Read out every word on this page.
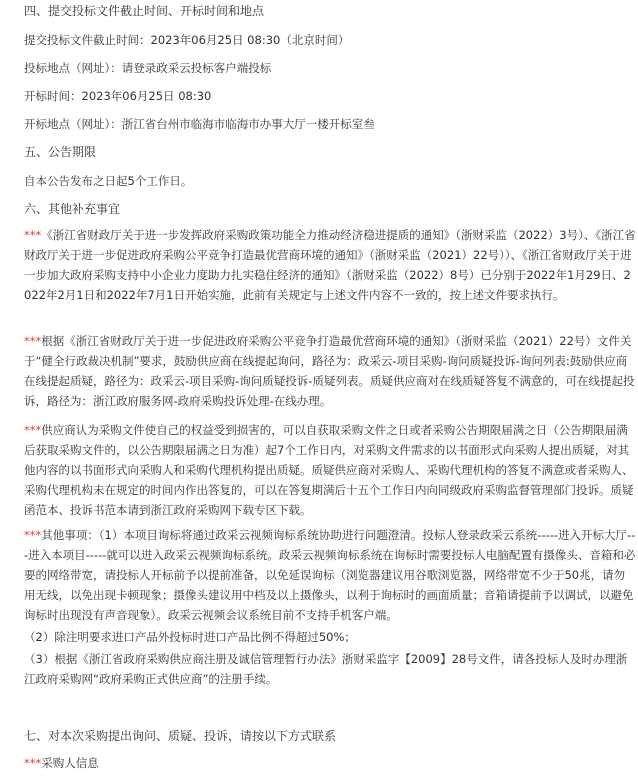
四、提交投标文件截止时间、开标时间和地点
提交投标文件截止时间：2023年06月25日 08:30（北京时间）
投标地点（网址）：请登录政采云投标客户端投标
开标时间：2023年06月25日 08:30
开标地点（网址）：浙江省台州市临海市临海市办事大厅一楼开标室叁
五、公告期限
自本公告发布之日起5个工作日。
六、其他补充事宜
***《浙江省财政厅关于进一步发挥政府采购政策功能全力推动经济稳进提质的通知》（浙财采监（2022）3号）、《浙江省财政厅关于进一步促进政府采购公平竞争打造最优营商环境的通知》（浙财采监（2021）22号））、《浙江省财政厅关于进一步加大政府采购支持中小企业力度助力扎实稳住经济的通知》（浙财采监（2022）8号）已分别于2022年1月29日、2022年2月1日和2022年7月1日开始实施，此前有关规定与上述文件内容不一致的，按上述文件要求执行。
***根据《浙江省财政厅关于进一步促进政府采购公平竞争打造最优营商环境的通知》（浙财采监（2021）22号）文件关于“健全行政裁决机制”要求，鼓励供应商在线提起询问，路径为：政采云-项目采购-询问质疑投诉-询问列表:鼓励供应商在线提起质疑，路径为：政采云-项目采购-询问质疑投诉-质疑列表。质疑供应商对在线质疑答复不满意的，可在线提起投诉，路径为：浙江政府服务网-政府采购投诉处理-在线办理。
***供应商认为采购文件使自己的权益受到损害的，可以自获取采购文件之日或者采购公告期限届满之日（公告期限届满后获取采购文件的，以公告期限届满之日为准）起7个工作日内，对采购文件需求的以书面形式向采购人提出质疑，对其他内容的以书面形式向采购人和采购代理机构提出质疑。质疑供应商对采购人、采购代理机构的答复不满意或者采购人、采购代理机构未在规定的时间内作出答复的，可以在答复期满后十五个工作日内向同级政府采购监督管理部门投诉。质疑函范本、投诉书范本请到浙江政府采购网下载专区下载。
***其他事项：（1）本项目询标将通过政采云视频询标系统协助进行问题澄清。投标人登录政采云系统-----进入开标大厅---进入本项目-----就可以进入政采云视频询标系统。政采云视频询标系统在询标时需要投标人电脑配置有摄像头、音箱和必要的网络带宽，请投标人开标前予以提前准备，以免延误询标（浏览器建议用谷歌浏览器，网络带宽不少于50兆，请勿用无线，以免出现卡顿现象；摄像头建议用中档及以上摄像头，以利于询标时的画面质量；音箱请提前予以调试，以避免询标时出现没有声音现象）。政采云视频会议系统目前不支持手机客户端。
（2）除注明要求进口产品外投标时进口产品比例不得超过50%；
（3）根据《浙江省政府采购供应商注册及诚信管理暂行办法》浙财采监字【2009】28号文件，请各投标人及时办理浙江政府采购网“政府采购正式供应商”的注册手续。
七、对本次采购提出询问、质疑、投诉，请按以下方式联系
***采购人信息
